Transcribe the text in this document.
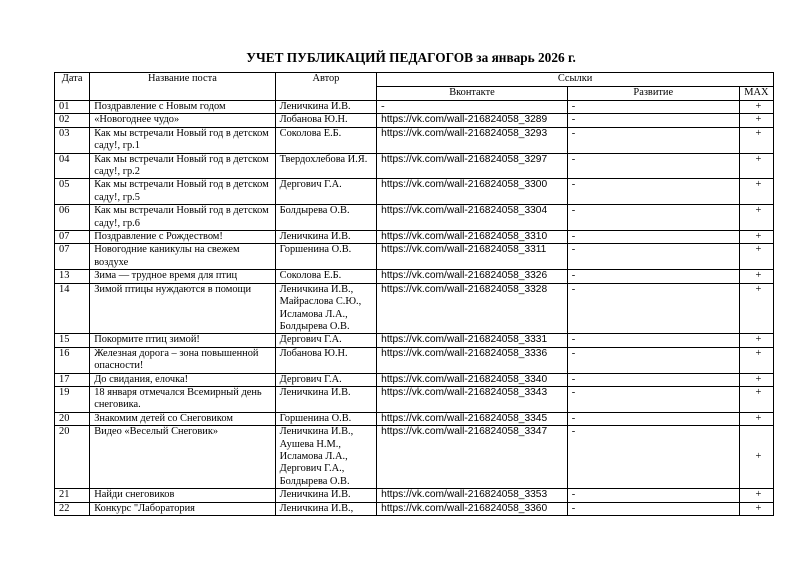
УЧЕТ ПУБЛИКАЦИЙ ПЕДАГОГОВ за январь 2026 г.
Дата	Название поста	Автор	Ссылки		
			Вконтакте	Развитие	MAX
01	Поздравление с Новым годом	Леничкина И.В.	-	-	+
02	«Новогоднее чудо»	Лобанова Ю.Н.	https://vk.com/wall-216824058_3289	-	+
03	Как мы встречали Новый год в детском саду!, гр.1	Соколова Е.Б.	https://vk.com/wall-216824058_3293	-	+
04	Как мы встречали Новый год в детском саду!, гр.2	Твердохлебова И.Я.	https://vk.com/wall-216824058_3297	-	+
05	Как мы встречали Новый год в детском саду!, гр.5	Дергович Г.А.	https://vk.com/wall-216824058_3300	-	+
06	Как мы встречали Новый год в детском саду!, гр.6	Болдырева О.В.	https://vk.com/wall-216824058_3304	-	+
07	Поздравление с Рождеством!	Леничкина И.В.	https://vk.com/wall-216824058_3310	-	+
07	Новогодние каникулы на свежем воздухе	Горшенина О.В.	https://vk.com/wall-216824058_3311	-	+
13	Зима — трудное время для птиц	Соколова Е.Б.	https://vk.com/wall-216824058_3326	-	+
14	Зимой птицы нуждаются в помощи	Леничкина И.В.,
Майраслова С.Ю.,
Исламова Л.А.,
Болдырева О.В.	https://vk.com/wall-216824058_3328	-	+
15	Покормите птиц зимой!	Дергович Г.А.	https://vk.com/wall-216824058_3331	-	+
16	Железная дорога – зона повышенной опасности!	Лобанова Ю.Н.	https://vk.com/wall-216824058_3336	-	+
17	До свидания, елочка!	Дергович Г.А.	https://vk.com/wall-216824058_3340	-	+
19	18 января отмечался Всемирный день снеговика.	Леничкина И.В.	https://vk.com/wall-216824058_3343	-	+
20	Знакомим детей со Снеговиком	Горшенина О.В.	https://vk.com/wall-216824058_3345	-	+
20	Видео «Веселый Снеговик»	Леничкина И.В.,
Аушева Н.М.,
Исламова Л.А.,
Дергович Г.А.,
Болдырева О.В.	https://vk.com/wall-216824058_3347	-	+
21	Найди снеговиков	Леничкина И.В.	https://vk.com/wall-216824058_3353	-	+
22	Конкурс "Лаборатория	Леничкина И.В.,	https://vk.com/wall-216824058_3360	-	+
